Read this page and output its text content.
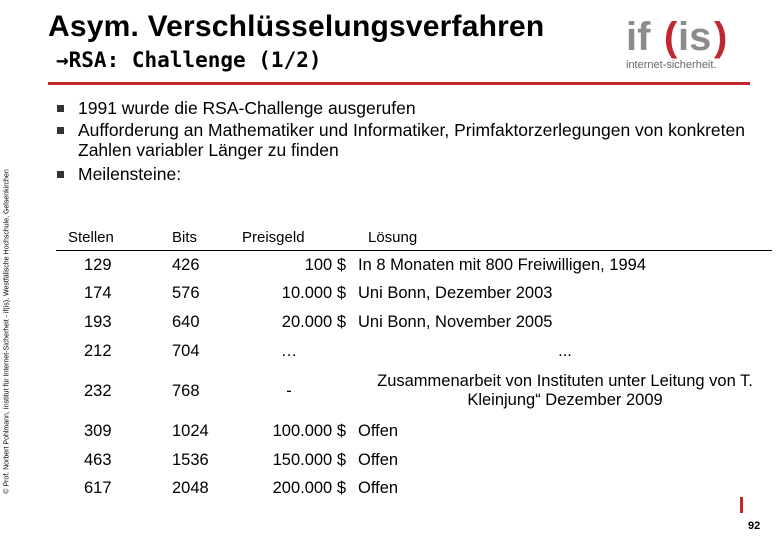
Asym. Verschlüsselungsverfahren
→RSA: Challenge (1/2)
if ( is )
internet-sicherheit.
© Prof. Norbert Pohlmann, Institut für Internet-Sicherheit - if(is), Westfälische Hochschule, Gelsenkirchen
1991 wurde die RSA-Challenge ausgerufen
Aufforderung an Mathematiker und Informatiker, Primfaktorzerlegungen von konkreten Zahlen variabler Länger zu finden
Meilensteine:
Stellen	Bits	Preisgeld	Lösung
129	426	100 $	In 8 Monaten mit 800 Freiwilligen, 1994
174	576	10.000 $	Uni Bonn, Dezember 2003
193	640	20.000 $	Uni Bonn, November 2005
212	704	…	...
232	768	-	Zusammenarbeit von Instituten unter Leitung von T. Kleinjung“ Dezember 2009
309	1024	100.000 $	Offen
463	1536	150.000 $	Offen
617	2048	200.000 $	Offen
92
